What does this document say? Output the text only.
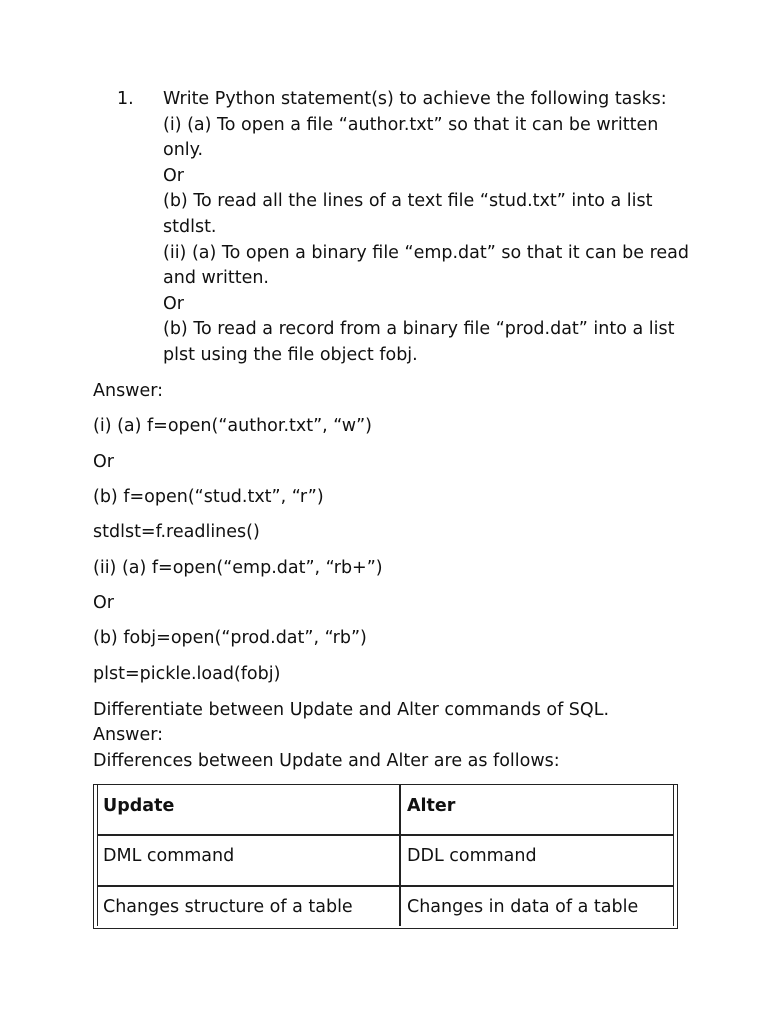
1. Write Python statement(s) to achieve the following tasks:
(i) (a) To open a file “author.txt” so that it can be written
only.
Or
(b) To read all the lines of a text file “stud.txt” into a list
stdlst.
(ii) (a) To open a binary file “emp.dat” so that it can be read
and written.
Or
(b) To read a record from a binary file “prod.dat” into a list
plst using the file object fobj.
Answer:
(i) (a) f=open(“author.txt”, “w”)
Or
(b) f=open(“stud.txt”, “r”)
stdlst=f.readlines()
(ii) (a) f=open(“emp.dat”, “rb+”)
Or
(b) fobj=open(“prod.dat”, “rb”)
plst=pickle.load(fobj)
Differentiate between Update and Alter commands of SQL.
Answer:
Differences between Update and Alter are as follows:
Update	Alter
DML command	DDL command
Changes structure of a table	Changes in data of a table
